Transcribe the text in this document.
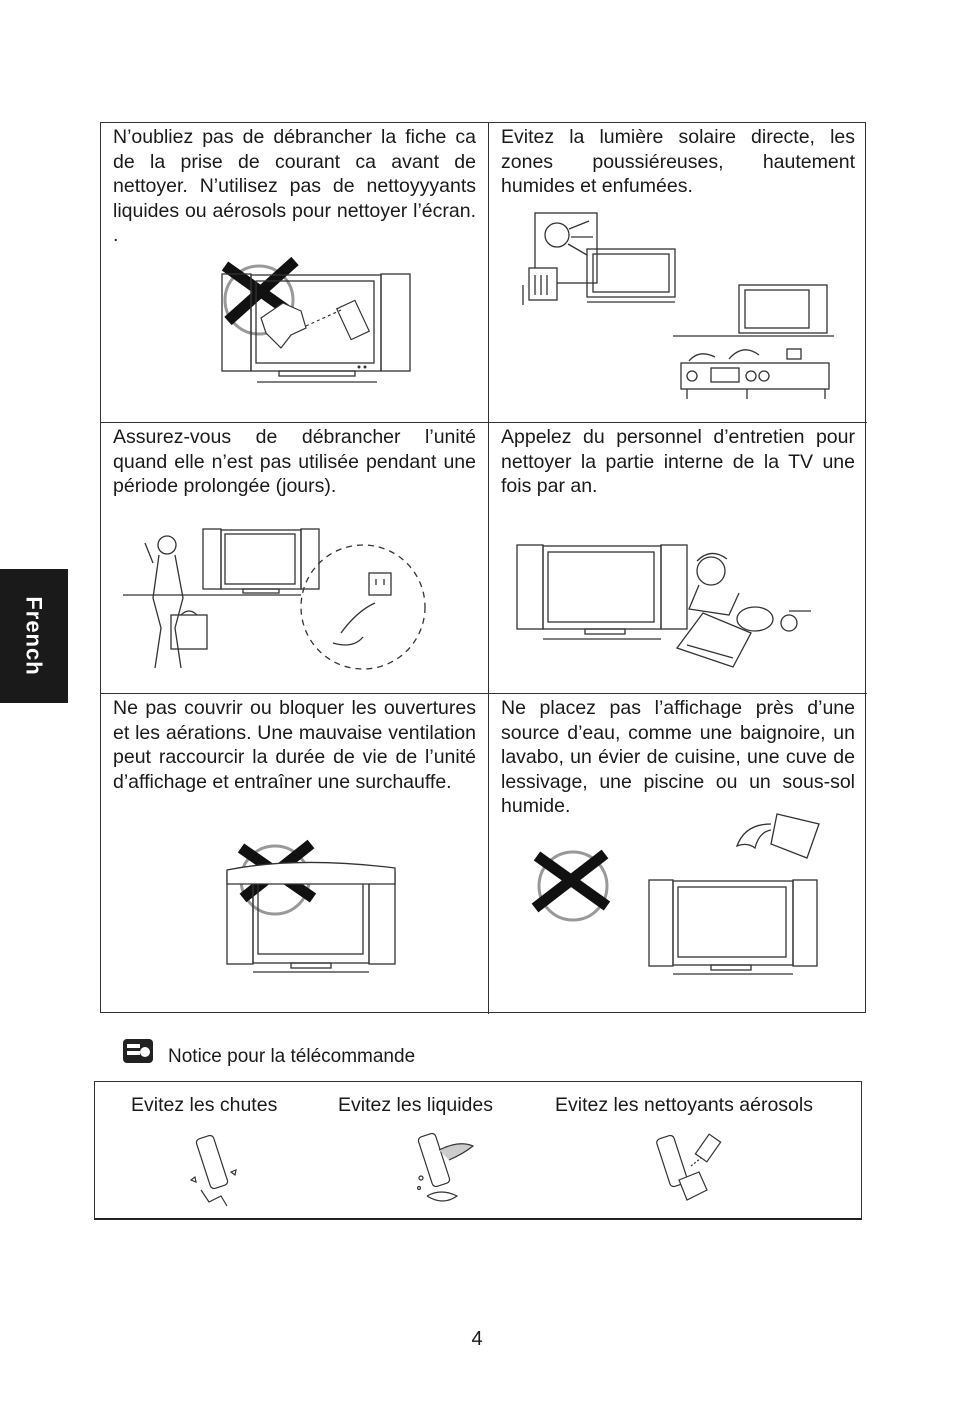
French

N’oubliez pas de débrancher la fiche ca de la prise de courant ca avant de nettoyer. N’utilisez pas de nettoyyyants liquides ou aérosols pour nettoyer l’écran. .

Evitez la lumière solaire directe, les zones poussiéreuses, hautement humides et enfumées.

Assurez-vous de débrancher l’unité quand elle n’est pas utilisée pendant une période prolongée (jours).

Appelez du personnel d’entretien pour nettoyer la partie interne de la TV une fois par an.

Ne pas couvrir ou bloquer les ouvertures et les aérations. Une mauvaise ventilation peut raccourcir la durée de vie de l’unité d’affichage et entraîner une surchauffe.

Ne placez pas l’affichage près d’une source d’eau, comme une baignoire, un lavabo, un évier de cuisine, une cuve de lessivage, une piscine ou un sous-sol humide.

Notice pour la télécommande
Evitez les chutes	Evitez les liquides	Evitez les nettoyants aérosols
4
